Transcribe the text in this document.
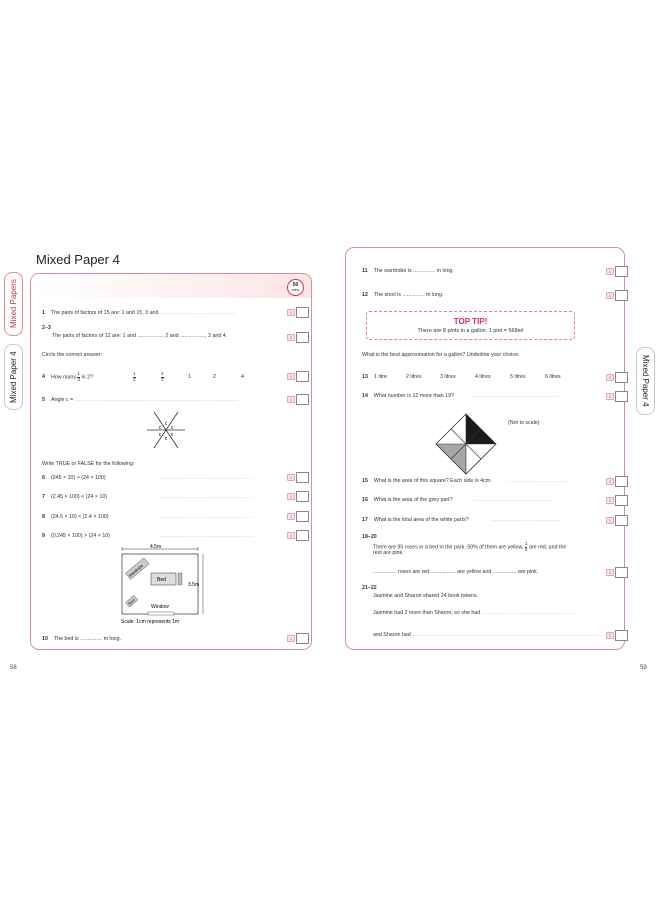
Mixed Paper 4
Mixed Papers
Mixed Paper 4
50
mins
1 The pairs of factors of 15 are: 1 and 15, 3 and .....................................
2–3
The pairs of factors of 12 are: 1 and ................., 2 and ................., 3 and 4.
Circle the correct answer:
4 How many $\frac{1}{3}$ in 2?	$\frac{1}{3}$	$\frac{2}{3}$	1	2	4
5 Angle c = ...............................................................................
c
c
c
c
c
c
Write TRUE or FALSE for the following:
6 (245 × 10) > (24 × 100)	..............................................
7 (2.45 × 100) < (24 × 10)	..............................................
8 (24.5 × 10) < (2.4 × 100)	..............................................
9 (0.245 × 100) > (24 × 10)	..............................................
4.5m
3.5m
Bed
Wardrobe
Stool
Window
Scale: 1cm represents 1m
10 The bed is ............... m long.
1
2
1
1
1
1
1
1
1
58
Mixed Paper 4
11 The wardrobe is ............... m long.
12 The stool is ............... m long.
TOP TIP!
There are 8 pints in a gallon. 1 pint = 568ml
What is the best approximation for a gallon? Underline your choice.
13	1 litre	2 litres	3 litres	4 litres	5 litres	6 litres
14 What number is 12 more than 19?	...........................................
(Not to scale)
15 What is the area of this square? Each side is 4cm.	.............................
16 What is the area of the grey part?	.......................................
17 What is the total area of the white parts?	.................................
18–20
There are 95 roses in a bed in the park. 50% of them are yellow, $\frac{1}{5}$ are red, and the
rest are pink.
................ roses are red, ................ are yellow and ................ are pink.
21–22
Jasmine and Sharon shared 24 book tokens.
Jasmine had 2 more than Sharon, so she had ..............................................
and Sharon had ...........................................................................................
1
1
1
1
1
1
1
3
2
59
